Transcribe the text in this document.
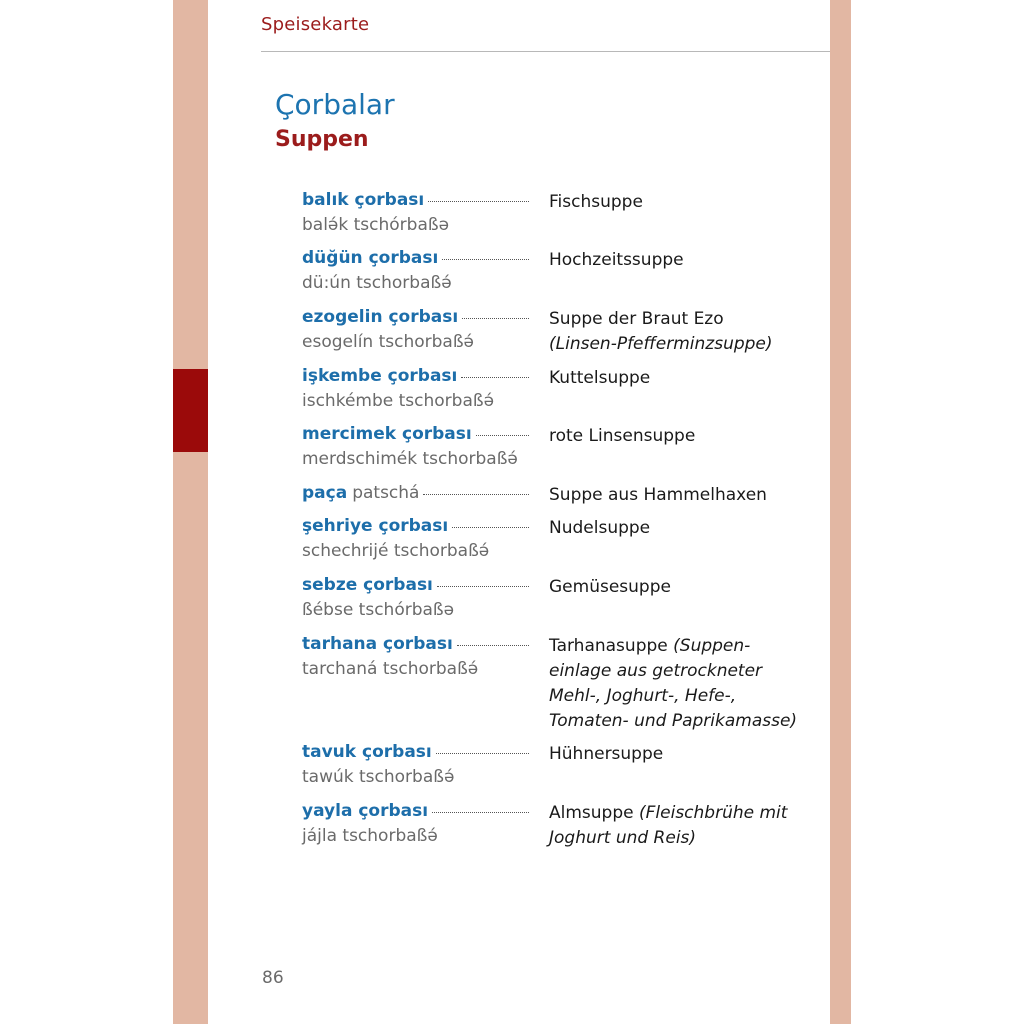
Speisekarte
Çorbalar
Suppen
balık çorbası
balə́k tschórbaßə
Fischsuppe
düğün çorbası
dü:ún tschorbaßə́
Hochzeitssuppe
ezogelin çorbası
esogelín tschorbaßə́
Suppe der Braut Ezo
(Linsen-Pfefferminzsuppe)
işkembe çorbası
ischkémbe tschorbaßə́
Kuttelsuppe
mercimek çorbası
merdschimék tschorbaßə́
rote Linsensuppe
paça patschá	Suppe aus Hammelhaxen
şehriye çorbası
schechrijé tschorbaßə́
Nudelsuppe
sebze çorbası
ßébse tschórbaßə
Gemüsesuppe
tarhana çorbası
tarchaná tschorbaßə́
Tarhanasuppe (Suppen-einlage aus getrockneter Mehl-, Joghurt-, Hefe-, Tomaten- und Paprikamasse)
tavuk çorbası
tawúk tschorbaßə́
Hühnersuppe
yayla çorbası
jájla tschorbaßə́
Almsuppe (Fleischbrühe mit Joghurt und Reis)
86
